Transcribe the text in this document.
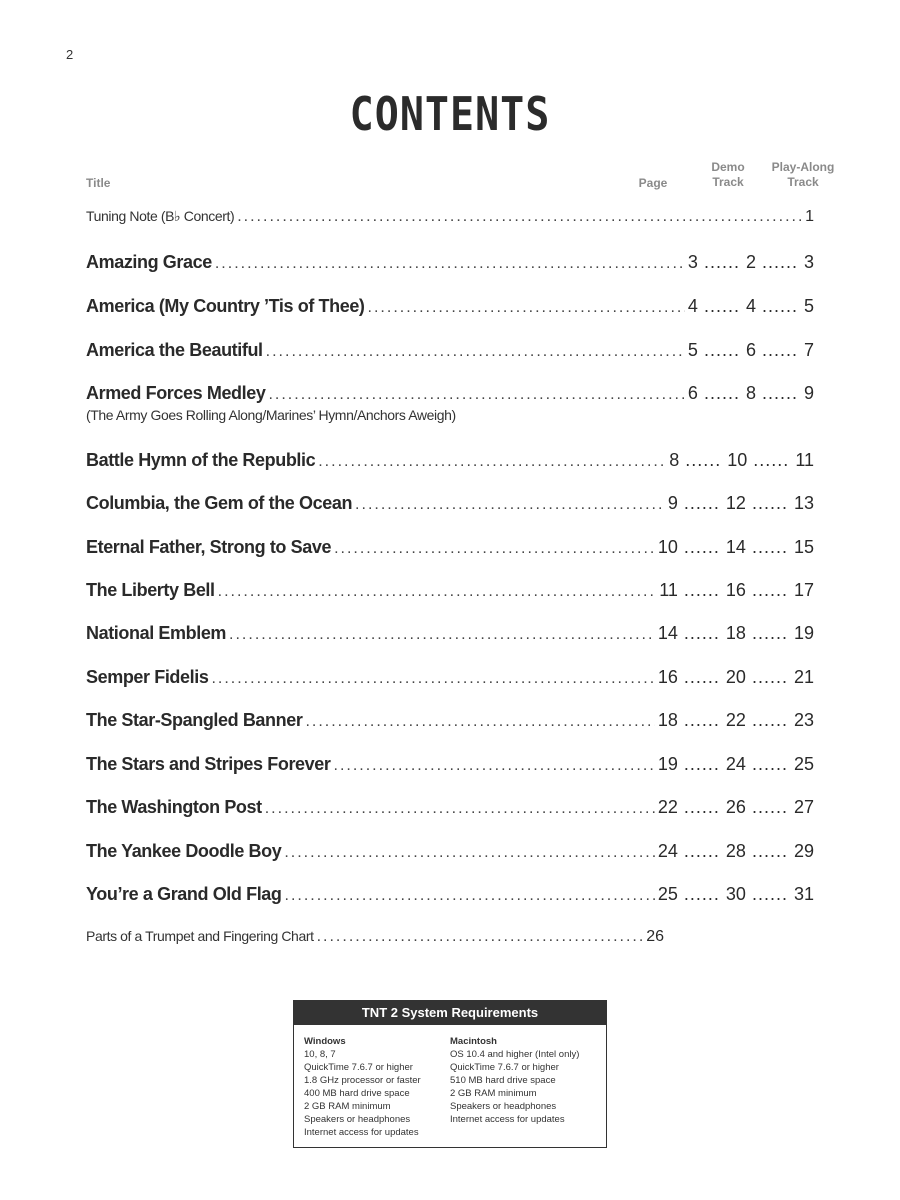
2
CONTENTS
Title	Page
Demo
Track
Play-Along
Track
Tuning Note (B♭ Concert) .....	1
Amazing Grace .....	3 ...... 2 ...... 3
America (My Country ’Tis of Thee) .....	4 ...... 4 ...... 5
America the Beautiful .....	5 ...... 6 ...... 7
Armed Forces Medley .....	6 ...... 8 ...... 9
Battle Hymn of the Republic .....	8 ...... 10 ...... 11
Columbia, the Gem of the Ocean .....	9 ...... 12 ...... 13
Eternal Father, Strong to Save .....	10 ...... 14 ...... 15
The Liberty Bell .....	11 ...... 16 ...... 17
National Emblem .....	14 ...... 18 ...... 19
Semper Fidelis .....	16 ...... 20 ...... 21
The Star-Spangled Banner .....	18 ...... 22 ...... 23
The Stars and Stripes Forever .....	19 ...... 24 ...... 25
The Washington Post .....	22 ...... 26 ...... 27
The Yankee Doodle Boy .....	24 ...... 28 ...... 29
You’re a Grand Old Flag .....	25 ...... 30 ...... 31
Parts of a Trumpet and Fingering Chart .....	26
(The Army Goes Rolling Along/Marines’ Hymn/Anchors Aweigh)
TNT 2 System Requirements
Windows
10, 8, 7
QuickTime 7.6.7 or higher
1.8 GHz processor or faster
400 MB hard drive space
2 GB RAM minimum
Speakers or headphones
Internet access for updates
Macintosh
OS 10.4 and higher (Intel only)
QuickTime 7.6.7 or higher
510 MB hard drive space
2 GB RAM minimum
Speakers or headphones
Internet access for updates
